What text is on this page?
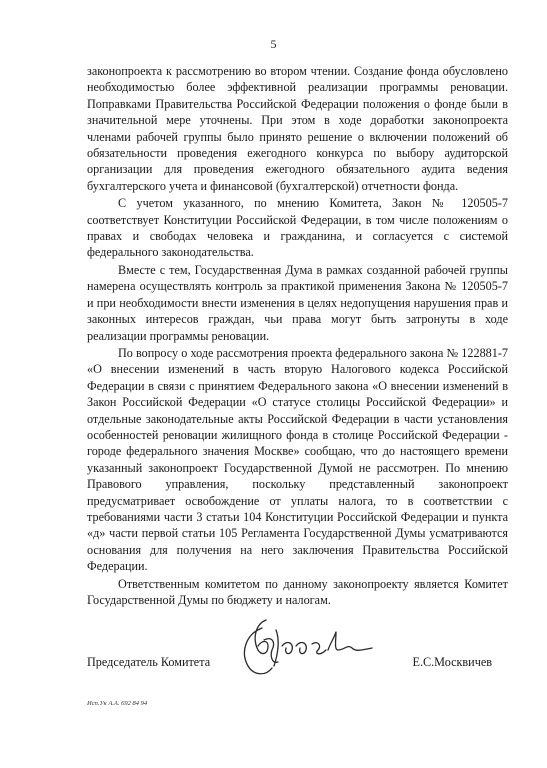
5

законопроекта к рассмотрению во втором чтении. Создание фонда обусловлено необходимостью более эффективной реализации программы реновации. Поправками Правительства Российской Федерации положения о фонде были в значительной мере уточнены. При этом в ходе доработки законопроекта членами рабочей группы было принято решение о включении положений об обязательности проведения ежегодного конкурса по выбору аудиторской организации для проведения ежегодного обязательного аудита ведения бухгалтерского учета и финансовой (бухгалтерской) отчетности фонда.

С учетом указанного, по мнению Комитета, Закон № 120505-7 соответствует Конституции Российской Федерации, в том числе положениям о правах и свободах человека и гражданина, и согласуется с системой федерального законодательства.

Вместе с тем, Государственная Дума в рамках созданной рабочей группы намерена осуществлять контроль за практикой применения Закона № 120505-7 и при необходимости внести изменения в целях недопущения нарушения прав и законных интересов граждан, чьи права могут быть затронуты в ходе реализации программы реновации.

По вопросу о ходе рассмотрения проекта федерального закона № 122881-7 «О внесении изменений в часть вторую Налогового кодекса Российской Федерации в связи с принятием Федерального закона «О внесении изменений в Закон Российской Федерации «О статусе столицы Российской Федерации» и отдельные законодательные акты Российской Федерации в части установления особенностей реновации жилищного фонда в столице Российской Федерации - городе федерального значения Москве» сообщаю, что до настоящего времени указанный законопроект Государственной Думой не рассмотрен. По мнению Правового управления, поскольку представленный законопроект предусматривает освобождение от уплаты налога, то в соответствии с требованиями части 3 статьи 104 Конституции Российской Федерации и пункта «д» части первой статьи 105 Регламента Государственной Думы усматриваются основания для получения на него заключения Правительства Российской Федерации.

Ответственным комитетом по данному законопроекту является Комитет Государственной Думы по бюджету и налогам.

Председатель Комитета	Е.С.Москвичев
Исп.Ук А.А. 692 84 94
